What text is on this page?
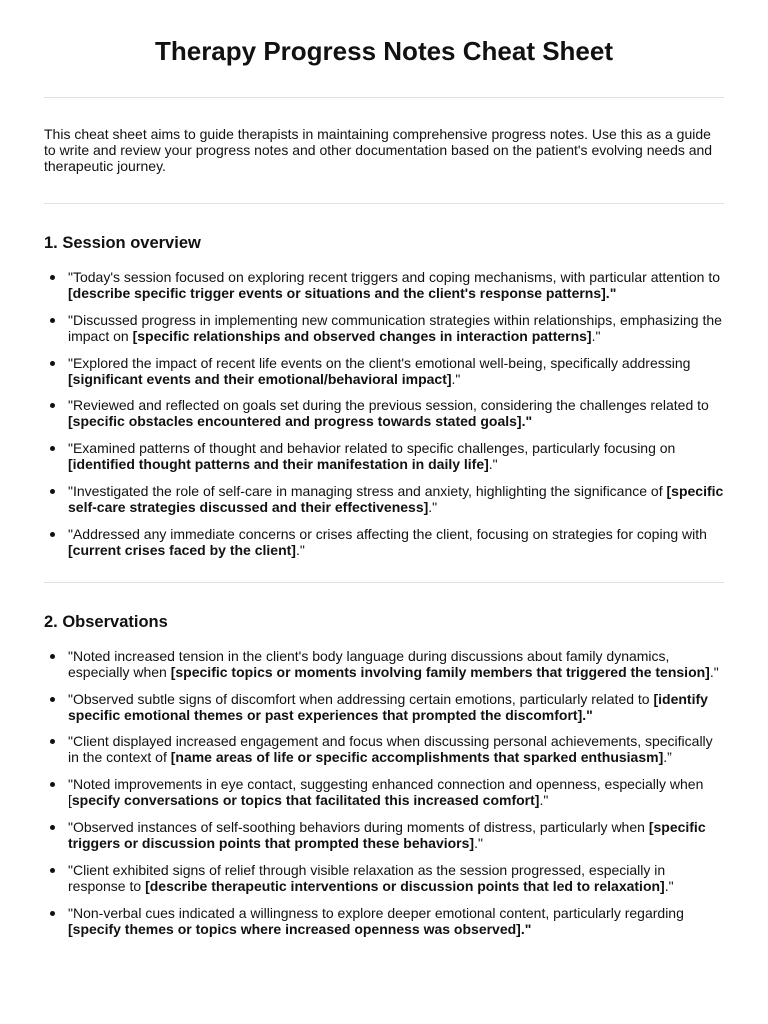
Therapy Progress Notes Cheat Sheet

This cheat sheet aims to guide therapists in maintaining comprehensive progress notes. Use this as a guide to write and review your progress notes and other documentation based on the patient's evolving needs and therapeutic journey.

1. Session overview
"Today's session focused on exploring recent triggers and coping mechanisms, with particular attention to [describe specific trigger events or situations and the client's response patterns]."
"Discussed progress in implementing new communication strategies within relationships, emphasizing the impact on [specific relationships and observed changes in interaction patterns]."
"Explored the impact of recent life events on the client's emotional well-being, specifically addressing [significant events and their emotional/behavioral impact]."
"Reviewed and reflected on goals set during the previous session, considering the challenges related to [specific obstacles encountered and progress towards stated goals]."
"Examined patterns of thought and behavior related to specific challenges, particularly focusing on [identified thought patterns and their manifestation in daily life]."
"Investigated the role of self-care in managing stress and anxiety, highlighting the significance of [specific self-care strategies discussed and their effectiveness]."
"Addressed any immediate concerns or crises affecting the client, focusing on strategies for coping with [current crises faced by the client]."
2. Observations
"Noted increased tension in the client's body language during discussions about family dynamics, especially when [specific topics or moments involving family members that triggered the tension]."
"Observed subtle signs of discomfort when addressing certain emotions, particularly related to [identify specific emotional themes or past experiences that prompted the discomfort]."
"Client displayed increased engagement and focus when discussing personal achievements, specifically in the context of [name areas of life or specific accomplishments that sparked enthusiasm].”
"Noted improvements in eye contact, suggesting enhanced connection and openness, especially when [specify conversations or topics that facilitated this increased comfort]."
"Observed instances of self-soothing behaviors during moments of distress, particularly when [specific triggers or discussion points that prompted these behaviors]."
"Client exhibited signs of relief through visible relaxation as the session progressed, especially in response to [describe therapeutic interventions or discussion points that led to relaxation]."
"Non-verbal cues indicated a willingness to explore deeper emotional content, particularly regarding [specify themes or topics where increased openness was observed]."
